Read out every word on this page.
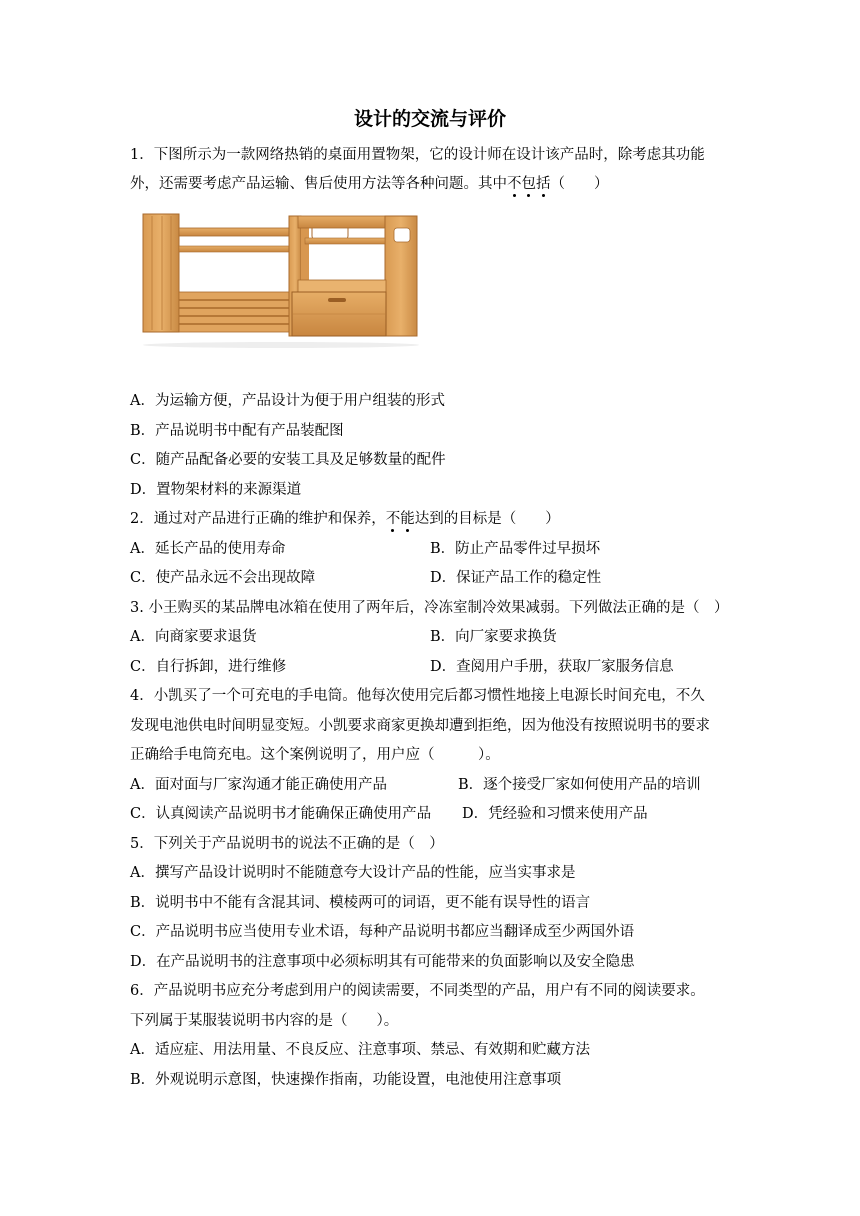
设计的交流与评价
1．下图所示为一款网络热销的桌面用置物架，它的设计师在设计该产品时，除考虑其功能
外，还需要考虑产品运输、售后使用方法等各种问题。其中不包括（　　）
A．为运输方便，产品设计为便于用户组装的形式
B．产品说明书中配有产品装配图
C．随产品配备必要的安装工具及足够数量的配件
D．置物架材料的来源渠道
2．通过对产品进行正确的维护和保养，不能达到的目标是（　　）
A．延长产品的使用寿命	B．防止产品零件过早损坏
C．使产品永远不会出现故障	D．保证产品工作的稳定性
3. 小王购买的某品牌电冰箱在使用了两年后，冷冻室制冷效果减弱。下列做法正确的是（　）
A．向商家要求退货	B．向厂家要求换货
C．自行拆卸，进行维修	D．查阅用户手册，获取厂家服务信息
4．小凯买了一个可充电的手电筒。他每次使用完后都习惯性地接上电源长时间充电，不久
发现电池供电时间明显变短。小凯要求商家更换却遭到拒绝，因为他没有按照说明书的要求
正确给手电筒充电。这个案例说明了，用户应（　　　）。
A．面对面与厂家沟通才能正确使用产品	B．逐个接受厂家如何使用产品的培训
C．认真阅读产品说明书才能确保正确使用产品 D．凭经验和习惯来使用产品
5．下列关于产品说明书的说法不正确的是（　）
A．撰写产品设计说明时不能随意夸大设计产品的性能，应当实事求是
B．说明书中不能有含混其词、模棱两可的词语，更不能有误导性的语言
C．产品说明书应当使用专业术语，每种产品说明书都应当翻译成至少两国外语
D．在产品说明书的注意事项中必须标明其有可能带来的负面影响以及安全隐患
6．产品说明书应充分考虑到用户的阅读需要，不同类型的产品，用户有不同的阅读要求。
下列属于某服装说明书内容的是（　　）。
A．适应症、用法用量、不良反应、注意事项、禁忌、有效期和贮藏方法
B．外观说明示意图，快速操作指南，功能设置，电池使用注意事项
